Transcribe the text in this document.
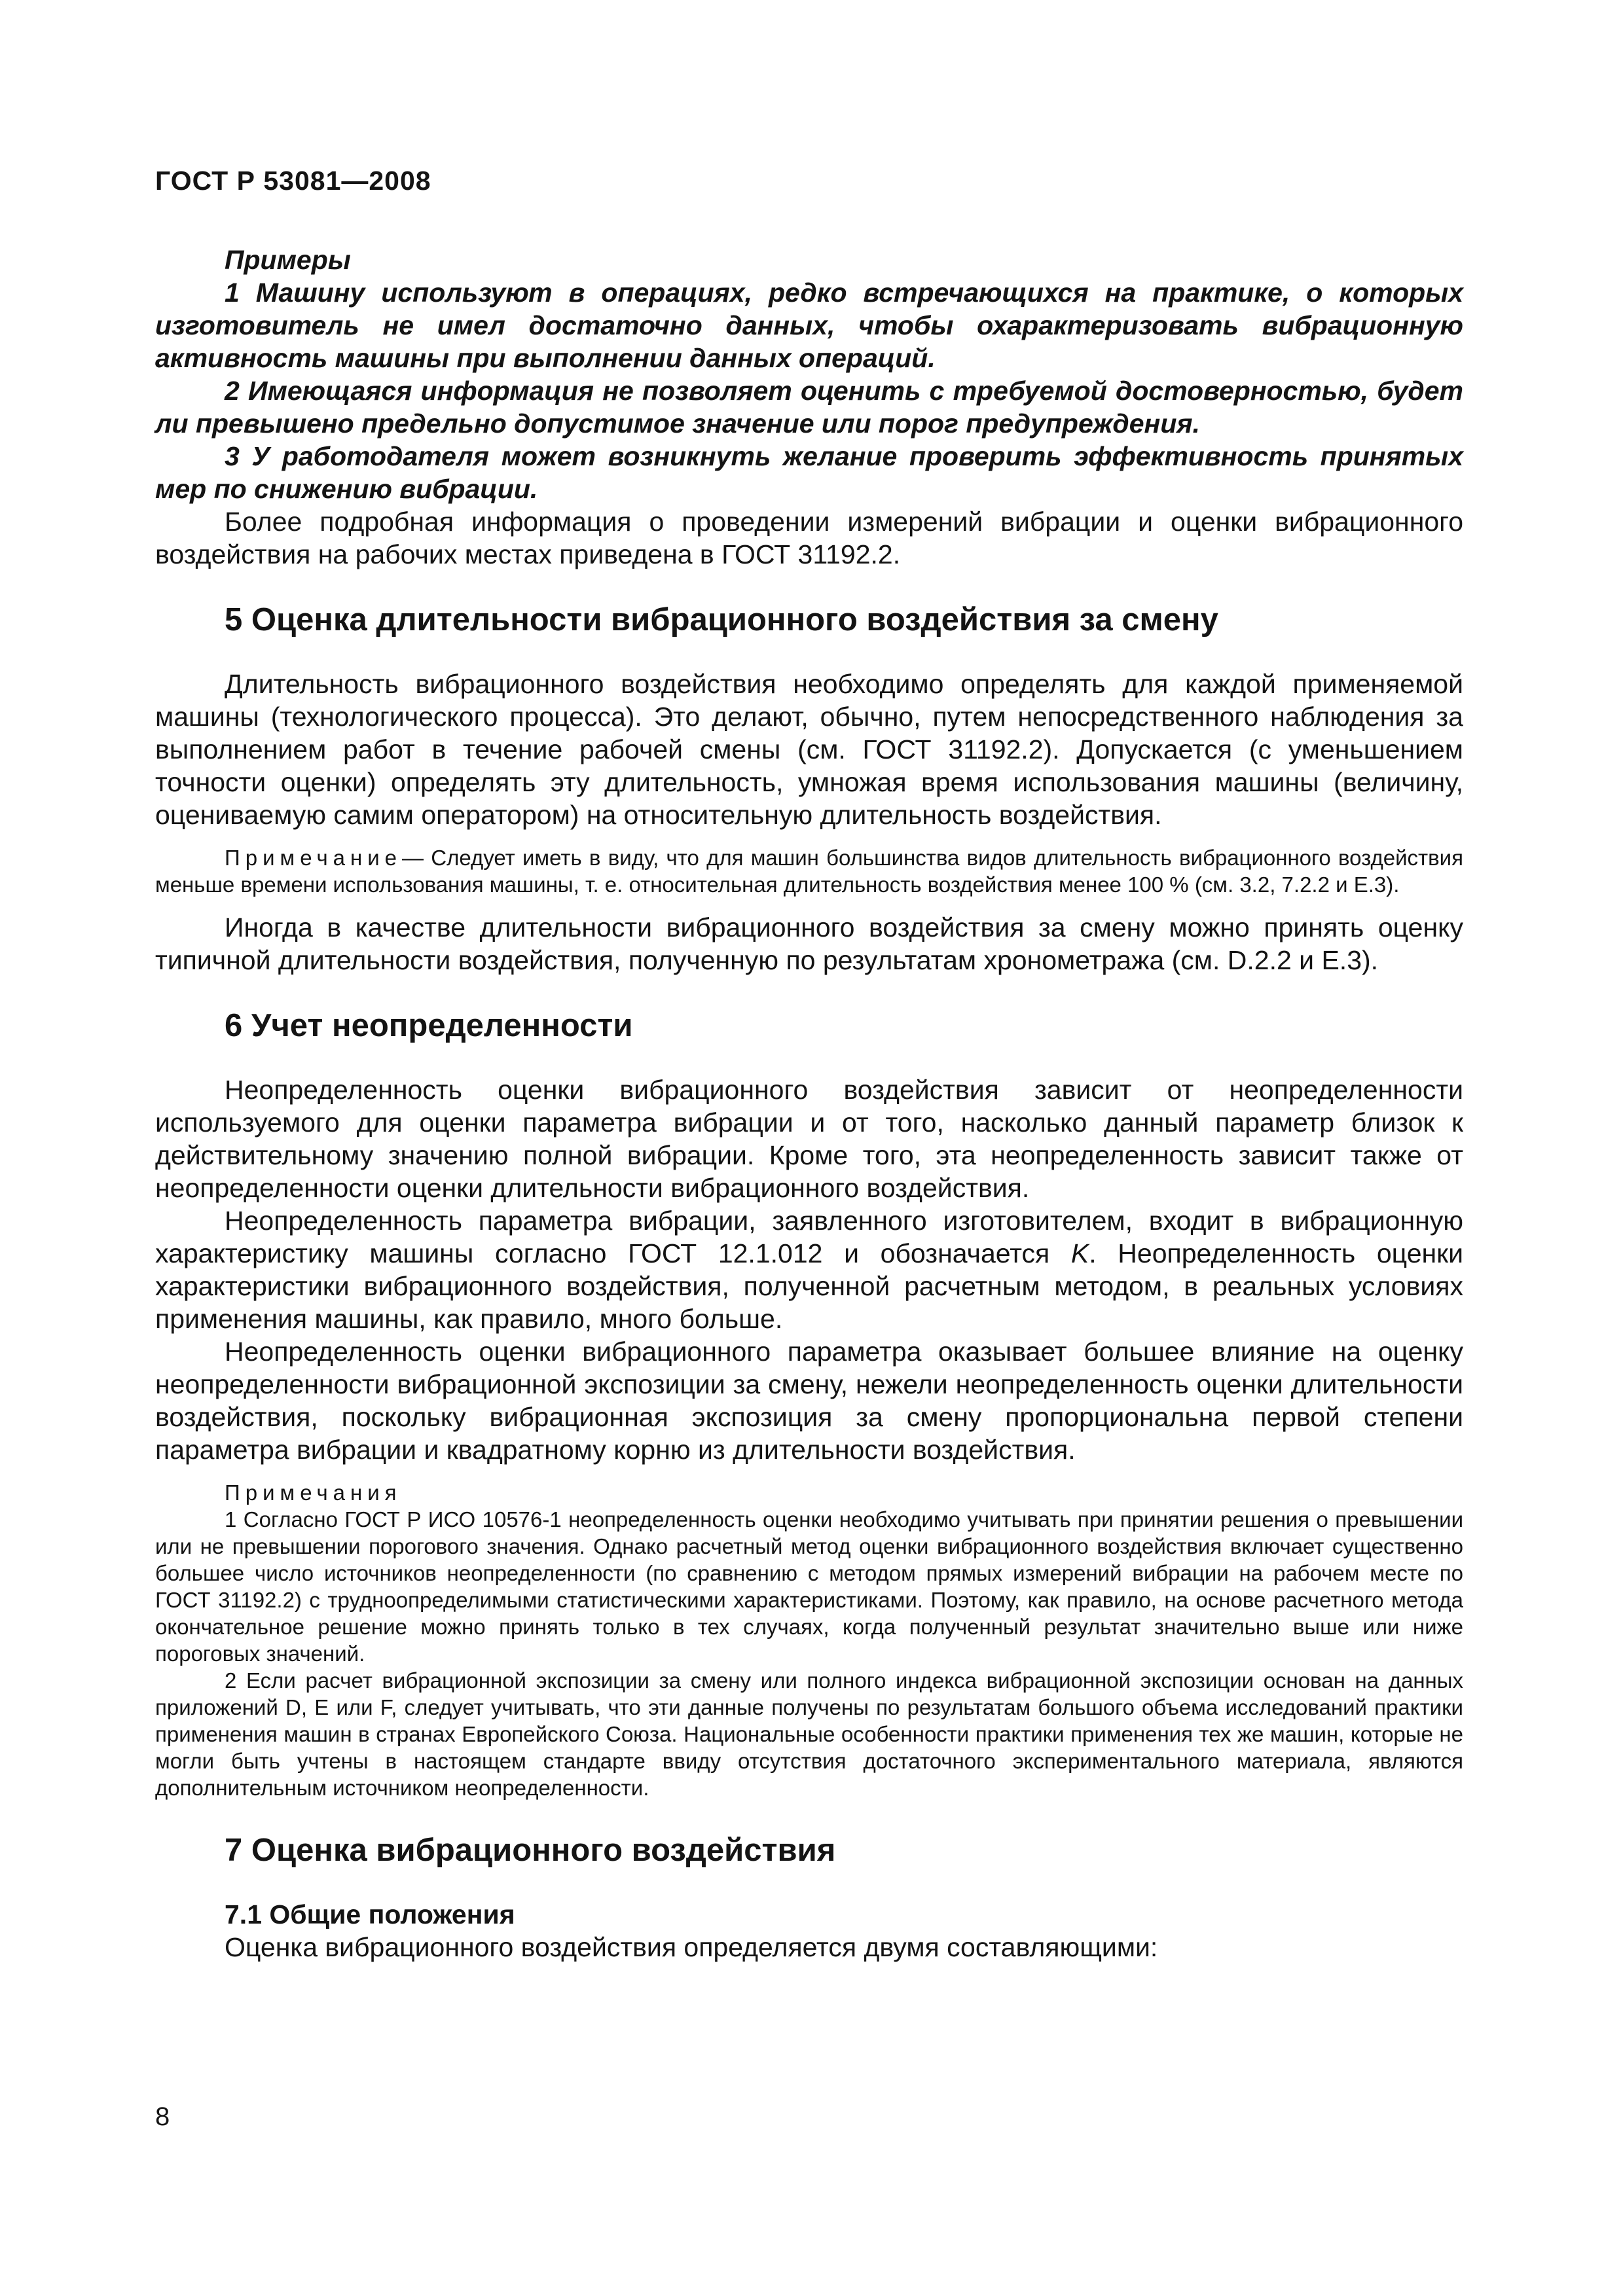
ГОСТ Р 53081—2008

Примеры

1 Машину используют в операциях, редко встречающихся на практике, о которых изготовитель не имел достаточно данных, чтобы охарактеризовать вибрационную активность машины при выполнении данных операций.

2 Имеющаяся информация не позволяет оценить с требуемой достоверностью, будет ли превышено предельно допустимое значение или порог предупреждения.

3 У работодателя может возникнуть желание проверить эффективность принятых мер по снижению вибрации.

Более подробная информация о проведении измерений вибрации и оценки вибрационного воздействия на рабочих местах приведена в ГОСТ 31192.2.

5 Оценка длительности вибрационного воздействия за смену

Длительность вибрационного воздействия необходимо определять для каждой применяемой машины (технологического процесса). Это делают, обычно, путем непосредственного наблюдения за выполнением работ в течение рабочей смены (см. ГОСТ 31192.2). Допускается (с уменьшением точности оценки) определять эту длительность, умножая время использования машины (величину, оцениваемую самим оператором) на относительную длительность воздействия.

Примечание— Следует иметь в виду, что для машин большинства видов длительность вибрационного воздействия меньше времени использования машины, т. е. относительная длительность воздействия менее 100 % (см. 3.2, 7.2.2 и Е.3).

Иногда в качестве длительности вибрационного воздействия за смену можно принять оценку типичной длительности воздействия, полученную по результатам хронометража (см. D.2.2 и Е.3).

6 Учет неопределенности

Неопределенность оценки вибрационного воздействия зависит от неопределенности используемого для оценки параметра вибрации и от того, насколько данный параметр близок к действительному значению полной вибрации. Кроме того, эта неопределенность зависит также от неопределенности оценки длительности вибрационного воздействия.

Неопределенность параметра вибрации, заявленного изготовителем, входит в вибрационную характеристику машины согласно ГОСТ 12.1.012 и обозначается K. Неопределенность оценки характеристики вибрационного воздействия, полученной расчетным методом, в реальных условиях применения машины, как правило, много больше.

Неопределенность оценки вибрационного параметра оказывает большее влияние на оценку неопределенности вибрационной экспозиции за смену, нежели неопределенность оценки длительности воздействия, поскольку вибрационная экспозиция за смену пропорциональна первой степени параметра вибрации и квадратному корню из длительности воздействия.

Примечания

1 Согласно ГОСТ Р ИСО 10576-1 неопределенность оценки необходимо учитывать при принятии решения о превышении или не превышении порогового значения. Однако расчетный метод оценки вибрационного воздействия включает существенно большее число источников неопределенности (по сравнению с методом прямых измерений вибрации на рабочем месте по ГОСТ 31192.2) с трудноопределимыми статистическими характеристиками. Поэтому, как правило, на основе расчетного метода окончательное решение можно принять только в тех случаях, когда полученный результат значительно выше или ниже пороговых значений.

2 Если расчет вибрационной экспозиции за смену или полного индекса вибрационной экспозиции основан на данных приложений D, Е или F, следует учитывать, что эти данные получены по результатам большого объема исследований практики применения машин в странах Европейского Союза. Национальные особенности практики применения тех же машин, которые не могли быть учтены в настоящем стандарте ввиду отсутствия достаточного экспериментального материала, являются дополнительным источником неопределенности.

7 Оценка вибрационного воздействия
7.1 Общие положения

Оценка вибрационного воздействия определяется двумя составляющими:

8
